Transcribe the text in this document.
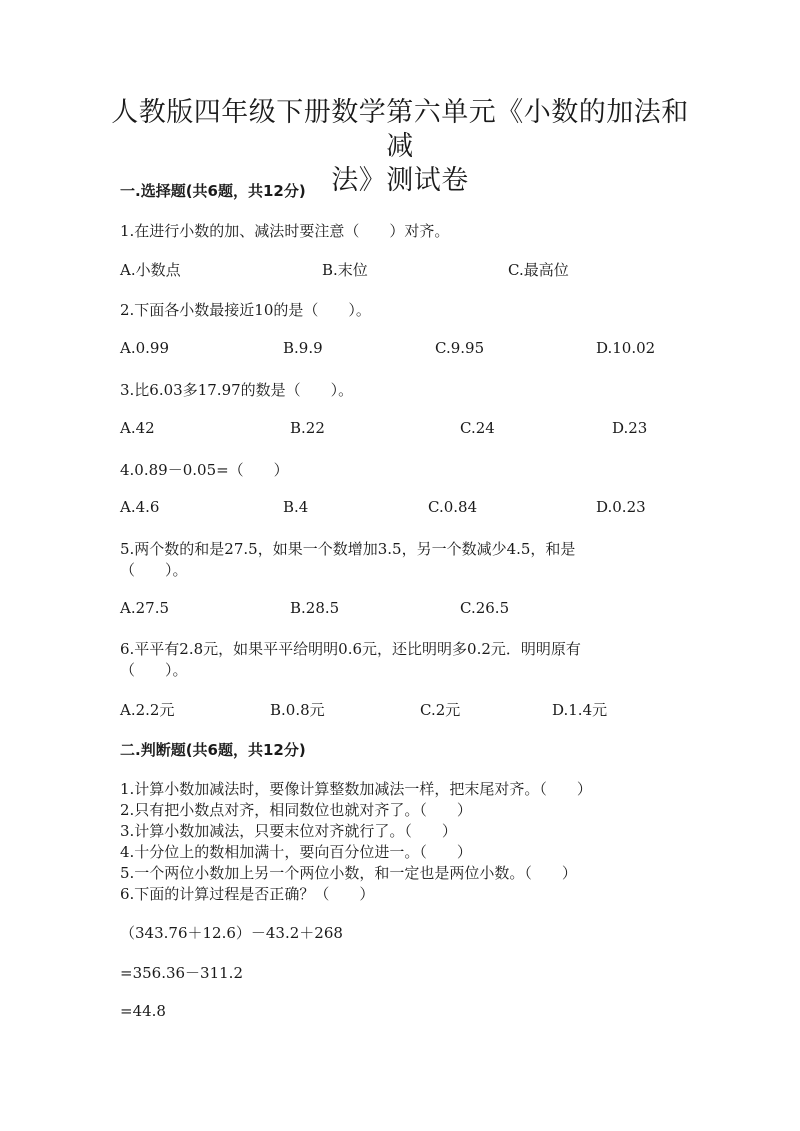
人教版四年级下册数学第六单元《小数的加法和减
法》测试卷
一.选择题(共6题，共12分)
1.在进行小数的加、减法时要注意（　　）对齐。
A.小数点	B.末位	C.最高位
2.下面各小数最接近10的是（　　）。
A.0.99	B.9.9	C.9.95	D.10.02
3.比6.03多17.97的数是（　　）。
A.42	B.22	C.24	D.23
4.0.89－0.05=（　　）
A.4.6	B.4	C.0.84	D.0.23
5.两个数的和是27.5，如果一个数增加3.5，另一个数减少4.5，和是
（　　）。
A.27.5	B.28.5	C.26.5
6.平平有2.8元，如果平平给明明0.6元，还比明明多0.2元．明明原有
（　　）。
A.2.2元	B.0.8元	C.2元	D.1.4元
二.判断题(共6题，共12分)
1.计算小数加减法时，要像计算整数加减法一样，把末尾对齐。（　　）
2.只有把小数点对齐，相同数位也就对齐了。（　　）
3.计算小数加减法，只要末位对齐就行了。（　　）
4.十分位上的数相加满十，要向百分位进一。（　　）
5.一个两位小数加上另一个两位小数，和一定也是两位小数。（　　）
6.下面的计算过程是否正确？（　　）
（343.76＋12.6）－43.2＋268
=356.36－311.2
=44.8
